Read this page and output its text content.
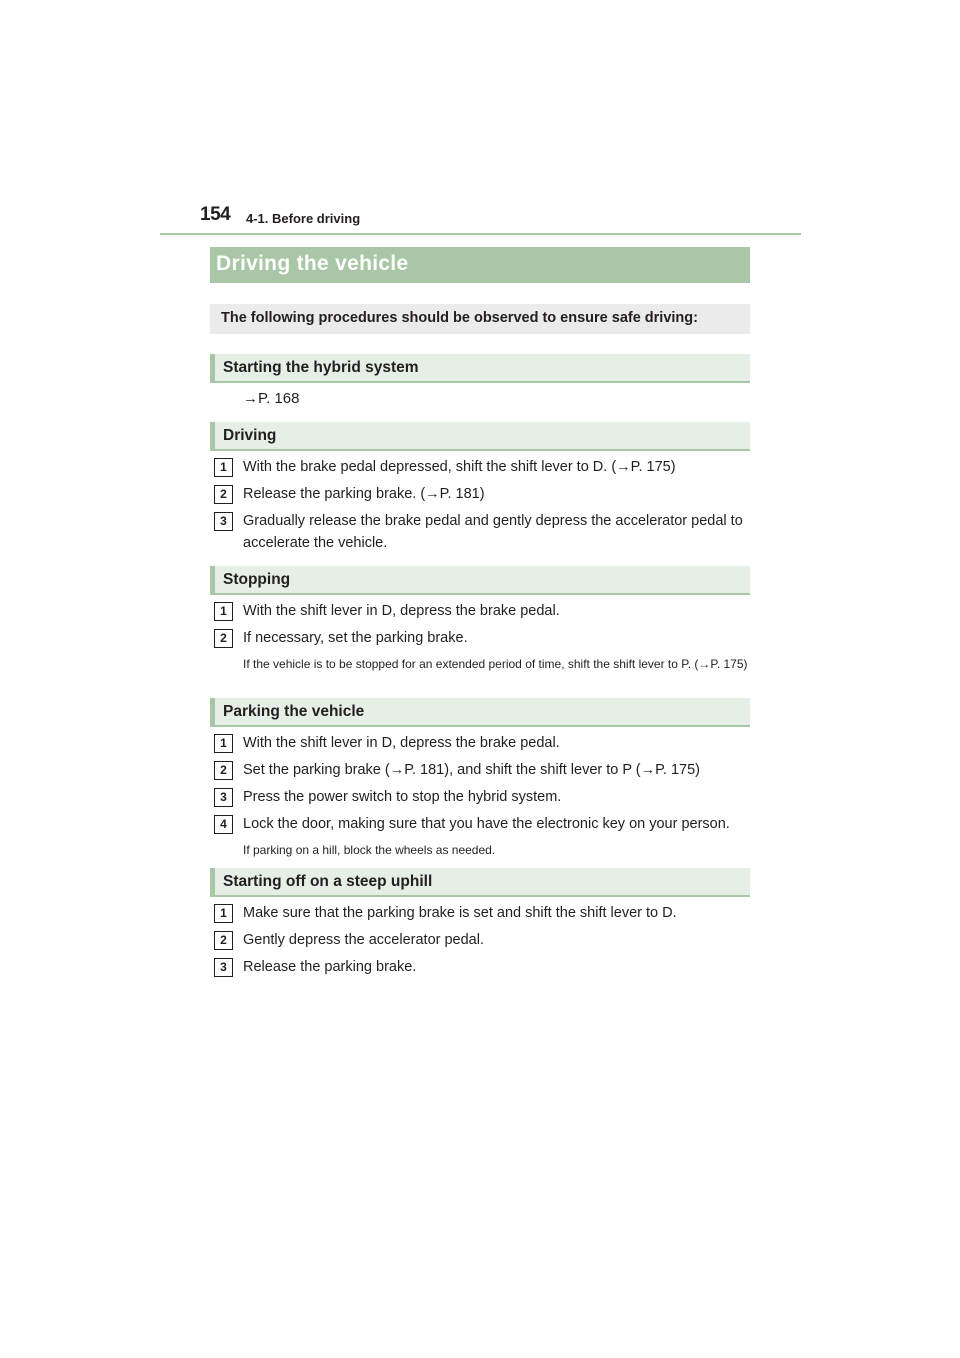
154 4-1. Before driving
Driving the vehicle
The following procedures should be observed to ensure safe driving:
Starting the hybrid system
→P. 168
Driving
1	With the brake pedal depressed, shift the shift lever to D. (→P. 175)
2	Release the parking brake. (→P. 181)
3	Gradually release the brake pedal and gently depress the accelerator pedal to accelerate the vehicle.
Stopping
1	With the shift lever in D, depress the brake pedal.
2	If necessary, set the parking brake.
If the vehicle is to be stopped for an extended period of time, shift the shift lever to P. (→P. 175)
Parking the vehicle
1	With the shift lever in D, depress the brake pedal.
2	Set the parking brake (→P. 181), and shift the shift lever to P (→P. 175)
3	Press the power switch to stop the hybrid system.
4	Lock the door, making sure that you have the electronic key on your person.
If parking on a hill, block the wheels as needed.
Starting off on a steep uphill
1	Make sure that the parking brake is set and shift the shift lever to D.
2	Gently depress the accelerator pedal.
3	Release the parking brake.
